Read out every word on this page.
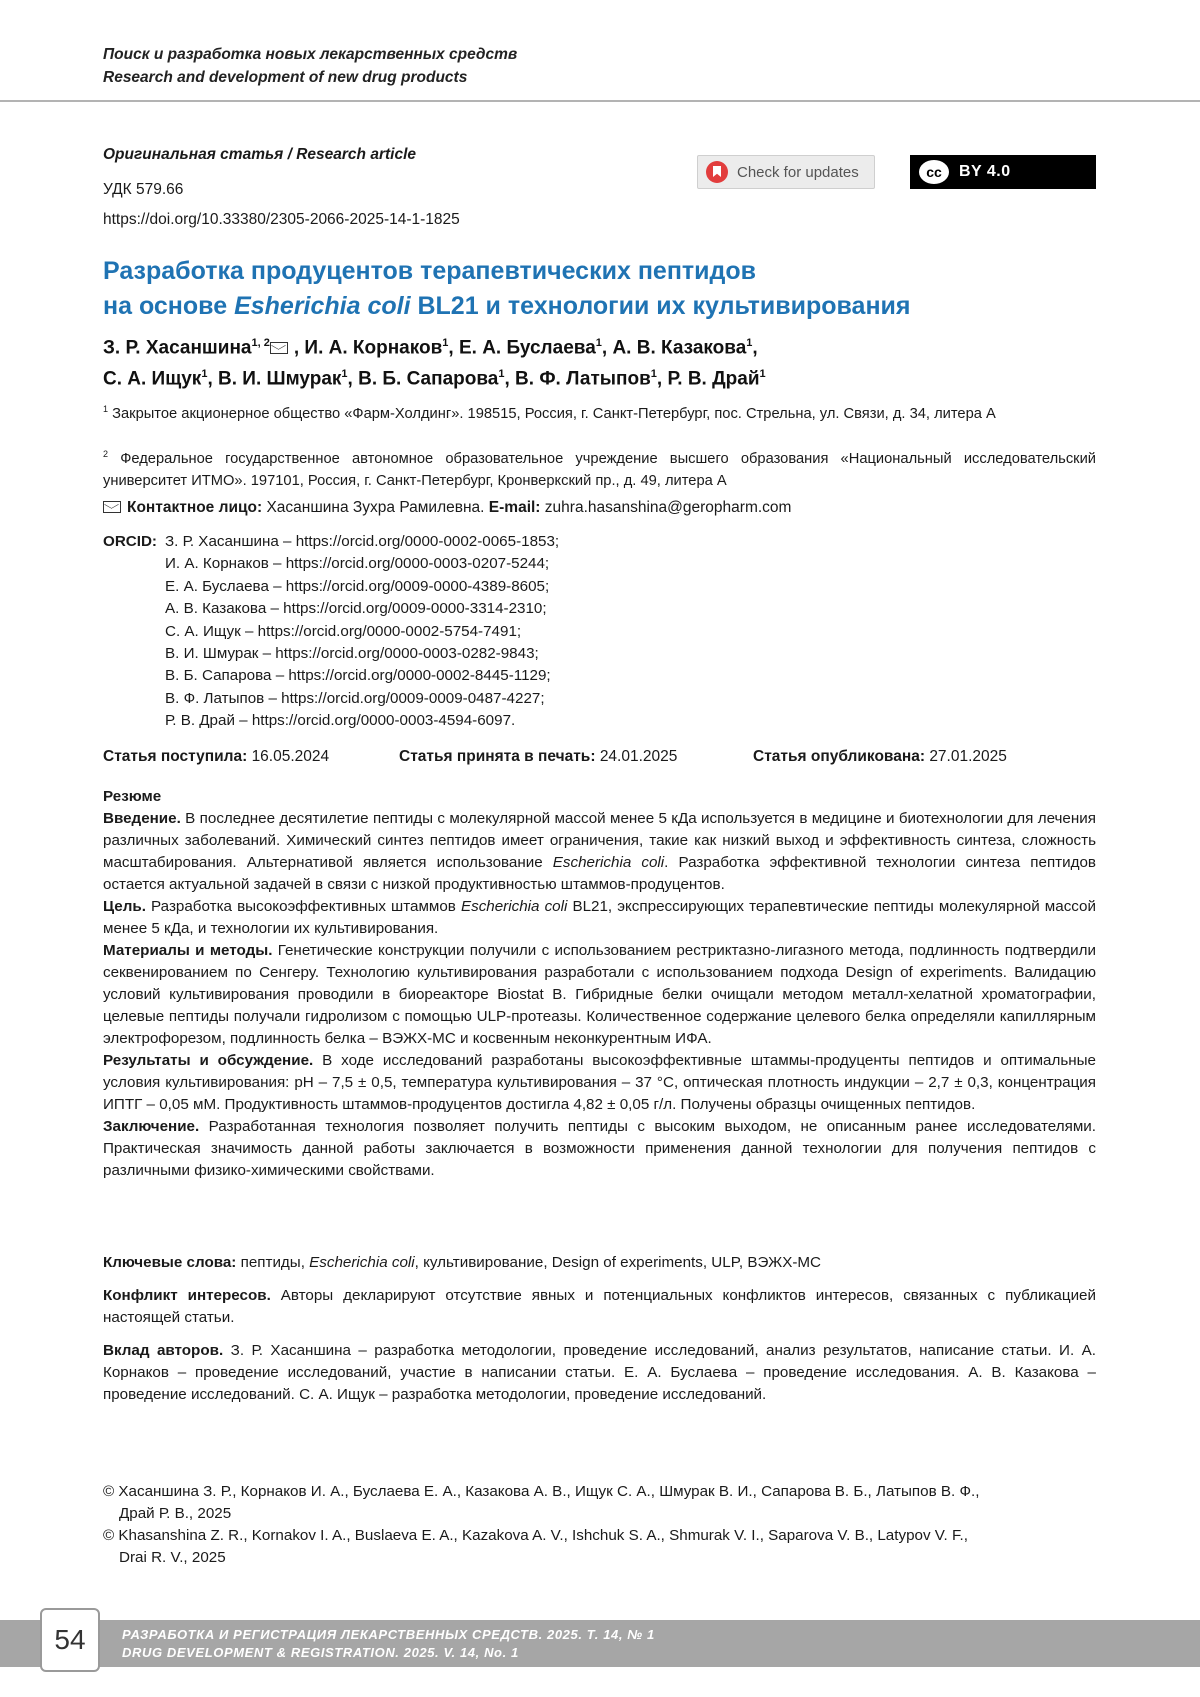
Поиск и разработка новых лекарственных средств
Research and development of new drug products
Оригинальная статья / Research article
УДК 579.66
https://doi.org/10.33380/2305-2066-2025-14-1-1825
Check for updates	cc	BY 4.0
Разработка продуцентов терапевтических пептидов
на основе Esherichia coli BL21 и технологии их культивирования
З. Р. Хасаншина$^{1, 2}$ , И. А. Корнаков$^1$, Е. А. Буслаева$^1$, А. В. Казакова$^1$,
С. А. Ищук$^1$, В. И. Шмурак$^1$, В. Б. Сапарова$^1$, В. Ф. Латыпов$^1$, Р. В. Драй$^1$
$^1$ Закрытое акционерное общество «Фарм-Холдинг». 198515, Россия, г. Санкт-Петербург, пос. Стрельна, ул. Связи, д. 34, литера А
$^2$ Федеральное государственное автономное образовательное учреждение высшего образования «Национальный исследовательский университет ИТМО». 197101, Россия, г. Санкт-Петербург, Кронверкский пр., д. 49, литера А
Контактное лицо: Хасаншина Зухра Рамилевна. E-mail: zuhra.hasanshina@geropharm.com
ORCID: З. Р. Хасаншина – https://orcid.org/0000-0002-0065-1853;
И. А. Корнаков – https://orcid.org/0000-0003-0207-5244;
Е. А. Буслаева – https://orcid.org/0009-0000-4389-8605;
А. В. Казакова – https://orcid.org/0009-0000-3314-2310;
С. А. Ищук – https://orcid.org/0000-0002-5754-7491;
В. И. Шмурак – https://orcid.org/0000-0003-0282-9843;
В. Б. Сапарова – https://orcid.org/0000-0002-8445-1129;
В. Ф. Латыпов – https://orcid.org/0009-0009-0487-4227;
Р. В. Драй – https://orcid.org/0000-0003-4594-6097.
Статья поступила: 16.05.2024	Статья принята в печать: 24.01.2025	Статья опубликована: 27.01.2025

Резюме

Введение. В последнее десятилетие пептиды с молекулярной массой менее 5 кДа используется в медицине и биотехнологии для лечения различных заболеваний. Химический синтез пептидов имеет ограничения, такие как низкий выход и эффективность синтеза, сложность масштабирования. Альтернативой является использование Escherichia coli. Разработка эффективной технологии синтеза пептидов остается актуальной задачей в связи с низкой продуктивностью штаммов-продуцентов.

Цель. Разработка высокоэффективных штаммов Escherichia coli BL21, экспрессирующих терапевтические пептиды молекулярной массой менее 5 кДа, и технологии их культивирования.

Материалы и методы. Генетические конструкции получили с использованием рестриктазно-лигазного метода, подлинность подтвердили секвенированием по Сенгеру. Технологию культивирования разработали с использованием подхода Design of experiments. Валидацию условий культивирования проводили в биореакторе Biostat B. Гибридные белки очищали методом металл-хелатной хроматографии, целевые пептиды получали гидролизом с помощью ULP-протеазы. Количественное содержание целевого белка определяли капиллярным электрофорезом, подлинность белка – ВЭЖХ-МС и косвенным неконкурентным ИФА.

Результаты и обсуждение. В ходе исследований разработаны высокоэффективные штаммы-продуценты пептидов и оптимальные условия культивирования: pH – 7,5 ± 0,5, температура культивирования – 37 °С, оптическая плотность индукции – 2,7 ± 0,3, концентрация ИПТГ – 0,05 мМ. Продуктивность штаммов-продуцентов достигла 4,82 ± 0,05 г/л. Получены образцы очищенных пептидов.

Заключение. Разработанная технология позволяет получить пептиды с высоким выходом, не описанным ранее исследователями. Практическая значимость данной работы заключается в возможности применения данной технологии для получения пептидов с различными физико-химическими свойствами.

Ключевые слова: пептиды, Escherichia coli, культивирование, Design of experiments, ULP, ВЭЖХ-МС
Конфликт интересов. Авторы декларируют отсутствие явных и потенциальных конфликтов интересов, связанных с публикацией настоящей статьи.
Вклад авторов. З. Р. Хасаншина – разработка методологии, проведение исследований, анализ результатов, написание статьи. И. А. Корнаков – проведение исследований, участие в написании статьи. Е. А. Буслаева – проведение исследования. А. В. Казакова – проведение исследований. С. А. Ищук – разработка методологии, проведение исследований.
© Хасаншина З. Р., Корнаков И. А., Буслаева Е. А., Казакова А. В., Ищук С. А., Шмурак В. И., Сапарова В. Б., Латыпов В. Ф.,
Драй Р. В., 2025
© Khasanshina Z. R., Kornakov I. A., Buslaeva E. A., Kazakova A. V., Ishchuk S. A., Shmurak V. I., Saparova V. B., Latypov V. F.,
Drai R. V., 2025
РАЗРАБОТКА И РЕГИСТРАЦИЯ ЛЕКАРСТВЕННЫХ СРЕДСТВ. 2025. Т. 14, № 1
DRUG DEVELOPMENT & REGISTRATION. 2025. V. 14, No. 1
54
